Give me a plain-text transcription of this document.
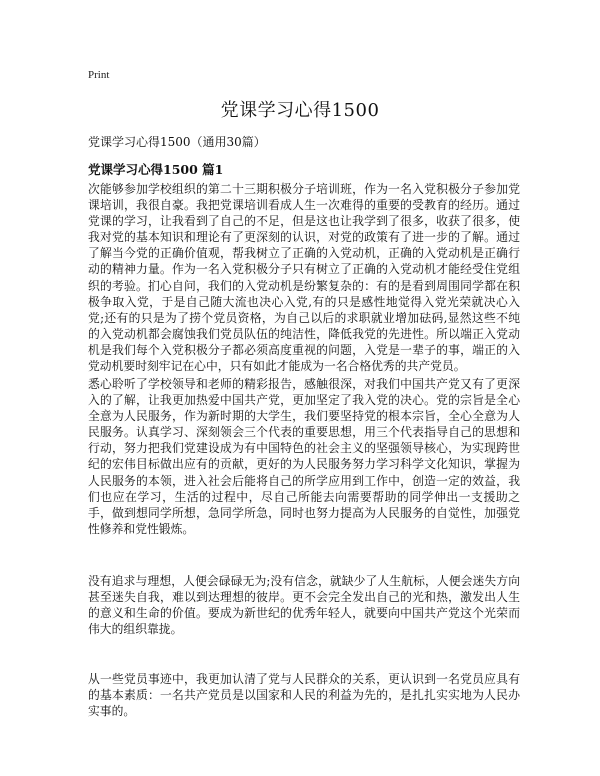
Print
党课学习心得1500

党课学习心得1500（通用30篇）

党课学习心得1500 篇1

次能够参加学校组织的第二十三期积极分子培训班，作为一名入党积极分子参加党课培训，我很自豪。我把党课培训看成人生一次难得的重要的受教育的经历。通过党课的学习，让我看到了自己的不足，但是这也让我学到了很多，收获了很多，使我对党的基本知识和理论有了更深刻的认识，对党的政策有了进一步的了解。通过了解当今党的正确价值观，帮我树立了正确的入党动机，正确的入党动机是正确行动的精神力量。作为一名入党积极分子只有树立了正确的入党动机才能经受住党组织的考验。扪心自问，我们的入党动机是纷繁复杂的：有的是看到周围同学都在积极争取入党，于是自己随大流也决心入党,有的只是感性地觉得入党光荣就决心入党;还有的只是为了捞个党员资格，为自己以后的求职就业增加砝码,显然这些不纯的入党动机都会腐蚀我们党员队伍的纯洁性，降低我党的先进性。所以端正入党动机是我们每个入党积极分子都必须高度重视的问题，入党是一辈子的事，端正的入党动机要时刻牢记在心中，只有如此才能成为一名合格优秀的共产党员。

悉心聆听了学校领导和老师的精彩报告，感触很深，对我们中国共产党又有了更深入的了解，让我更加热爱中国共产党，更加坚定了我入党的决心。党的宗旨是全心全意为人民服务，作为新时期的大学生，我们要坚持党的根本宗旨，全心全意为人民服务。认真学习、深刻领会三个代表的重要思想，用三个代表指导自己的思想和行动，努力把我们党建设成为有中国特色的社会主义的坚强领导核心，为实现跨世纪的宏伟目标做出应有的贡献，更好的为人民服务努力学习科学文化知识，掌握为人民服务的本领，进入社会后能将自己的所学应用到工作中，创造一定的效益，我们也应在学习，生活的过程中，尽自己所能去向需要帮助的同学伸出一支援助之手，做到想同学所想，急同学所急，同时也努力提高为人民服务的自觉性，加强党性修养和党性锻炼。

没有追求与理想，人便会碌碌无为;没有信念，就缺少了人生航标，人便会迷失方向甚至迷失自我，难以到达理想的彼岸。更不会完全发出自己的光和热，激发出人生的意义和生命的价值。要成为新世纪的优秀年轻人，就要向中国共产党这个光荣而伟大的组织靠拢。

从一些党员事迹中，我更加认清了党与人民群众的关系，更认识到一名党员应具有的基本素质：一名共产党员是以国家和人民的利益为先的，是扎扎实实地为人民办实事的。
